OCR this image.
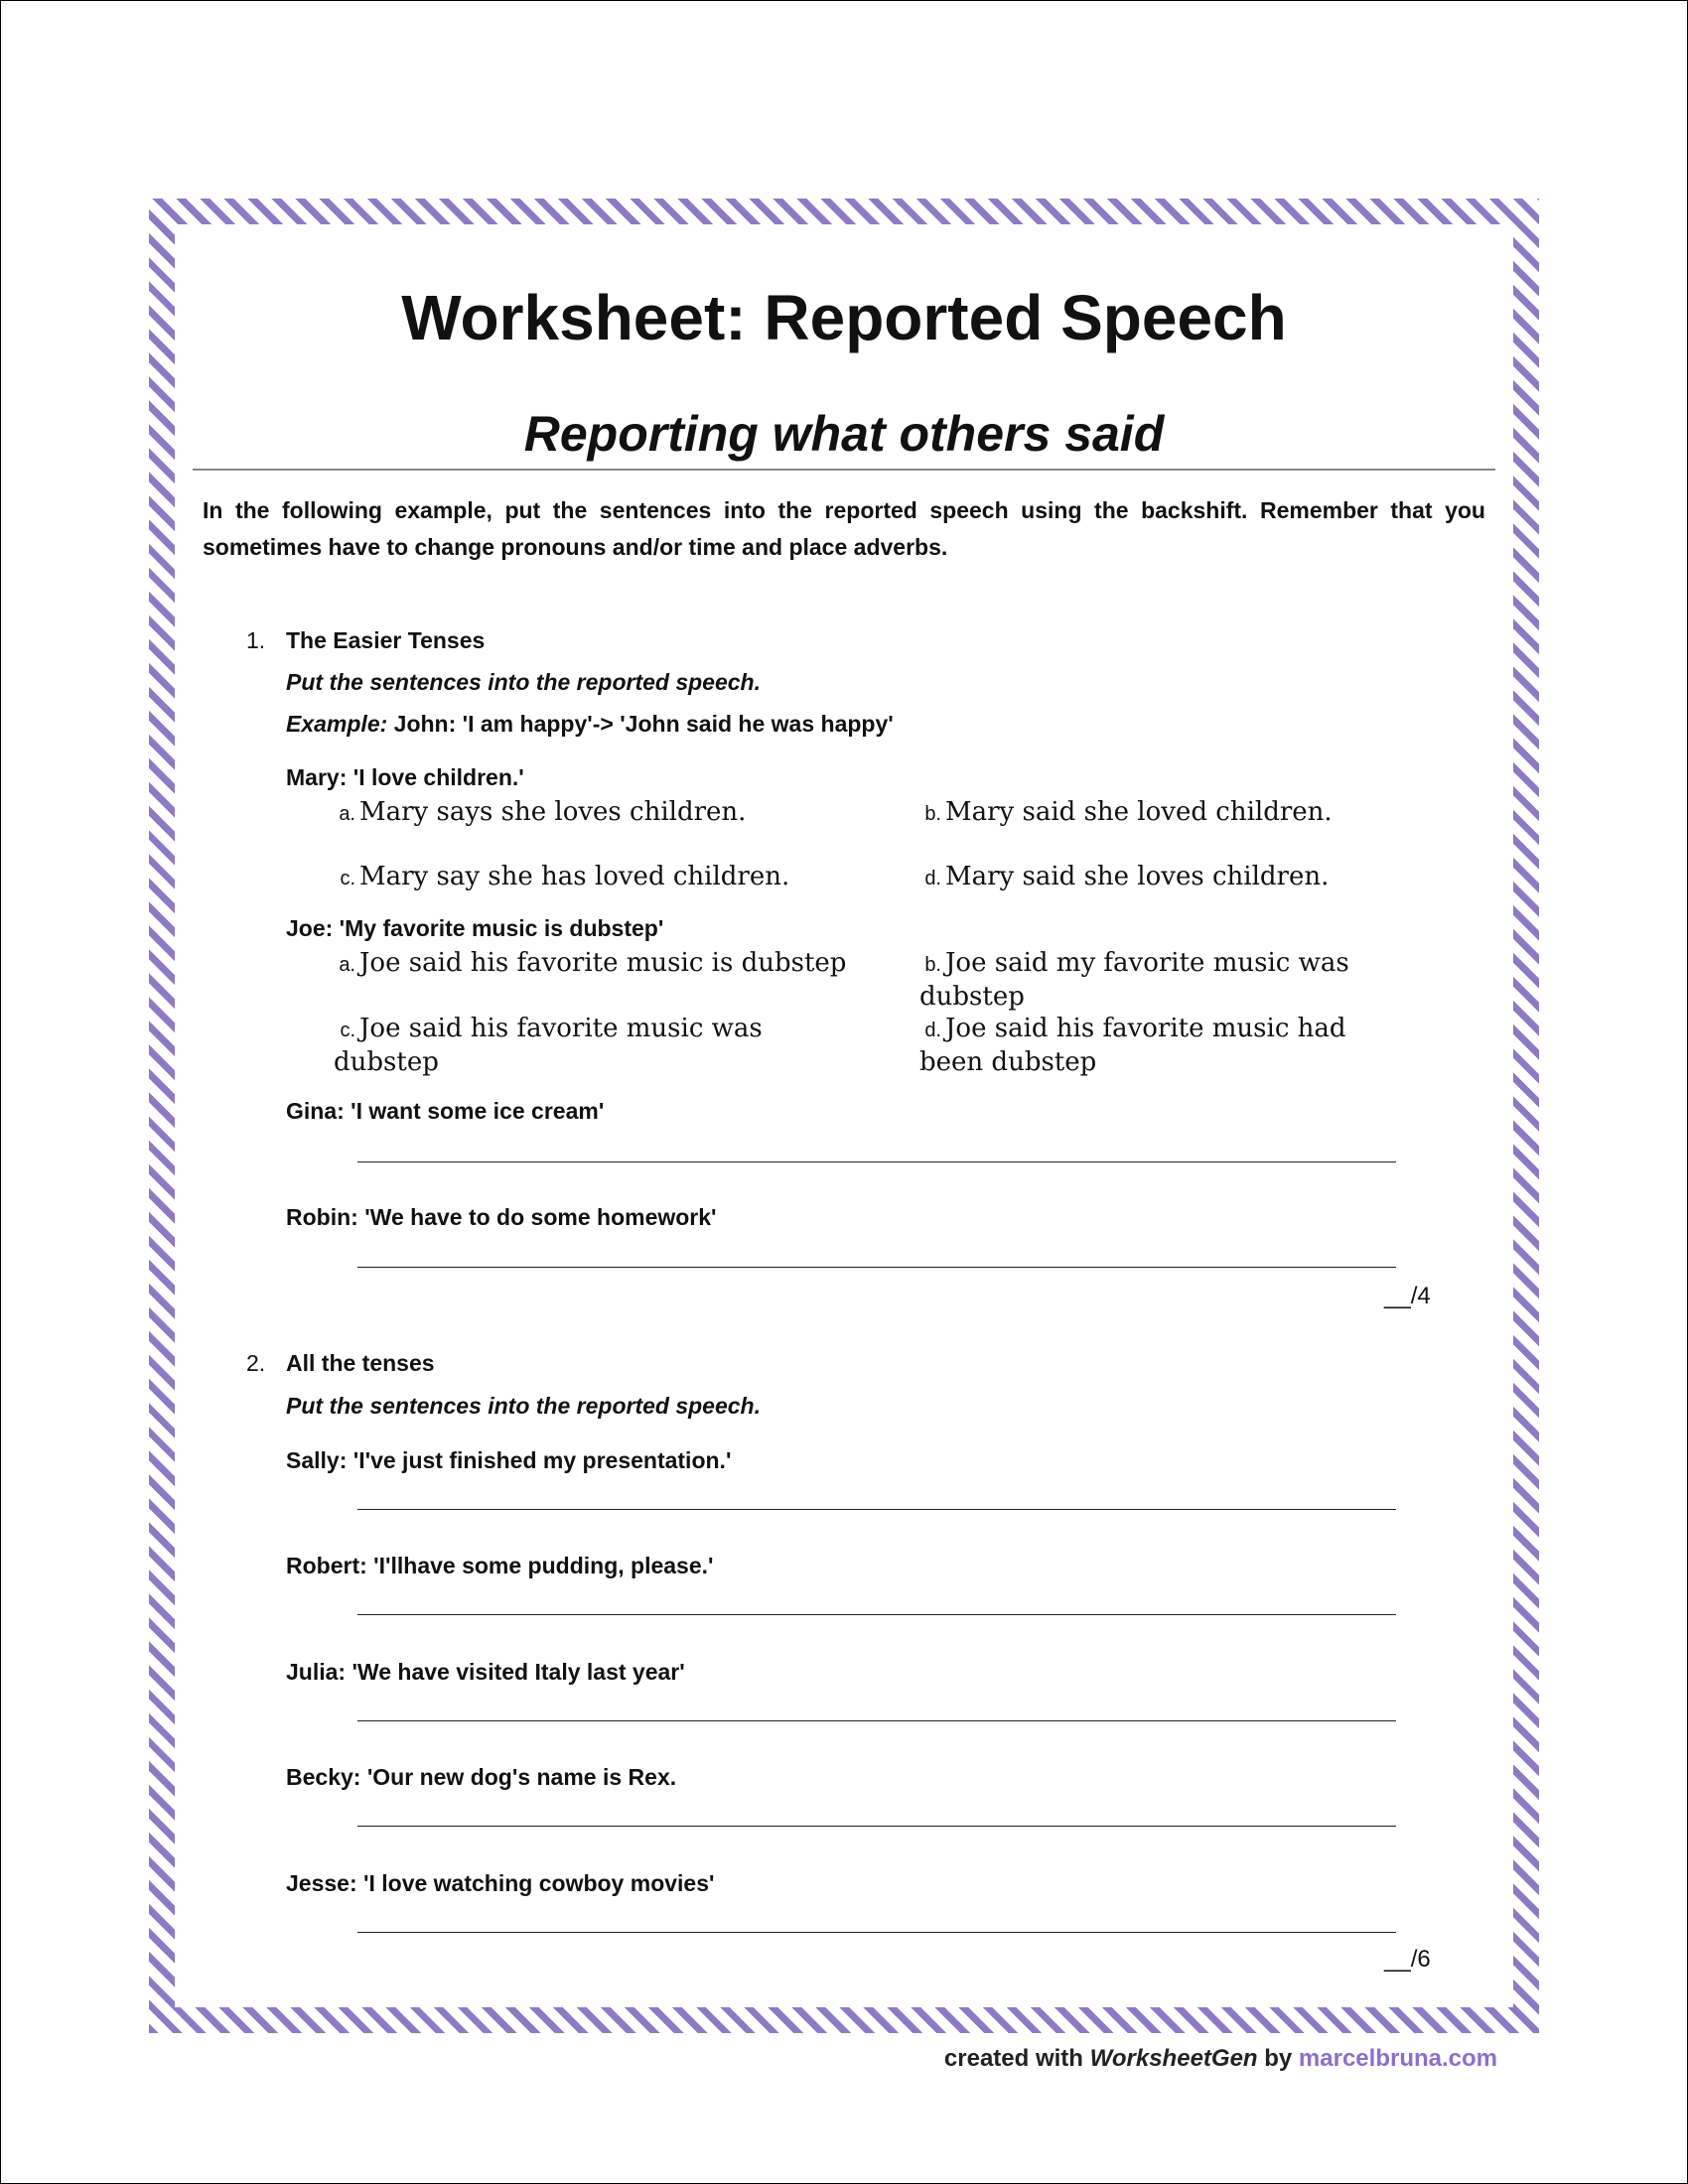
Worksheet: Reported Speech
Reporting what others said
In the following example, put the sentences into the reported speech using the backshift. Remember that you sometimes have to change pronouns and/or time and place adverbs.
1. The Easier Tenses
Put the sentences into the reported speech.
Example: John: 'I am happy'-> 'John said he was happy'
Mary: 'I love children.'
a. Mary says she loves children.	b. Mary said she loved children.
c. Mary say she has loved children.	d. Mary said she loves children.
Joe: 'My favorite music is dubstep'
a. Joe said his favorite music is dubstep	b. Joe said my favorite music was dubstep
c. Joe said his favorite music was dubstep
d. Joe said his favorite music had been dubstep
Gina: 'I want some ice cream'
Robin: 'We have to do some homework'
__/4
2. All the tenses
Put the sentences into the reported speech.
Sally: 'I've just finished my presentation.'
Robert: 'I'llhave some pudding, please.'
Julia: 'We have visited Italy last year'
Becky: 'Our new dog's name is Rex.
Jesse: 'I love watching cowboy movies'
__/6
created with WorksheetGen by marcelbruna.com
